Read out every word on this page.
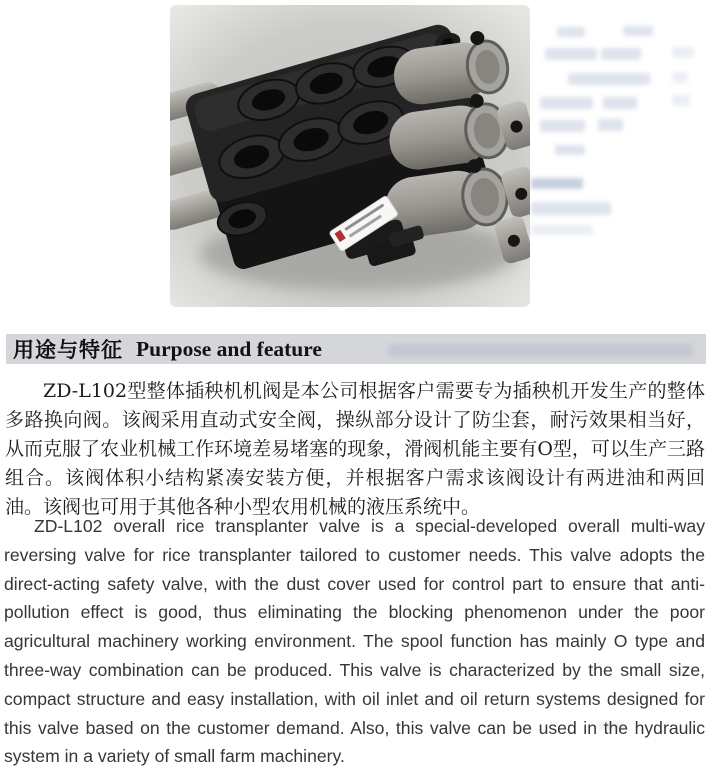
用途与特征 Purpose and feature

ZD-L102型整体插秧机机阀是本公司根据客户需要专为插秧机开发生产的整体多路换向阀。该阀采用直动式安全阀，操纵部分设计了防尘套，耐污效果相当好，从而克服了农业机械工作环境差易堵塞的现象，滑阀机能主要有O型，可以生产三路组合。该阀体积小结构紧凑安装方便，并根据客户需求该阀设计有两进油和两回油。该阀也可用于其他各种小型农用机械的液压系统中。

ZD-L102 overall rice transplanter valve is a special-developed overall multi-way reversing valve for rice transplanter tailored to customer needs. This valve adopts the direct-acting safety valve, with the dust cover used for control part to ensure that anti-pollution effect is good, thus eliminating the blocking phenomenon under the poor agricultural machinery working environment. The spool function has mainly O type and three-way combination can be produced. This valve is characterized by the small size, compact structure and easy installation, with oil inlet and oil return systems designed for this valve based on the customer demand. Also, this valve can be used in the hydraulic system in a variety of small farm machinery.
